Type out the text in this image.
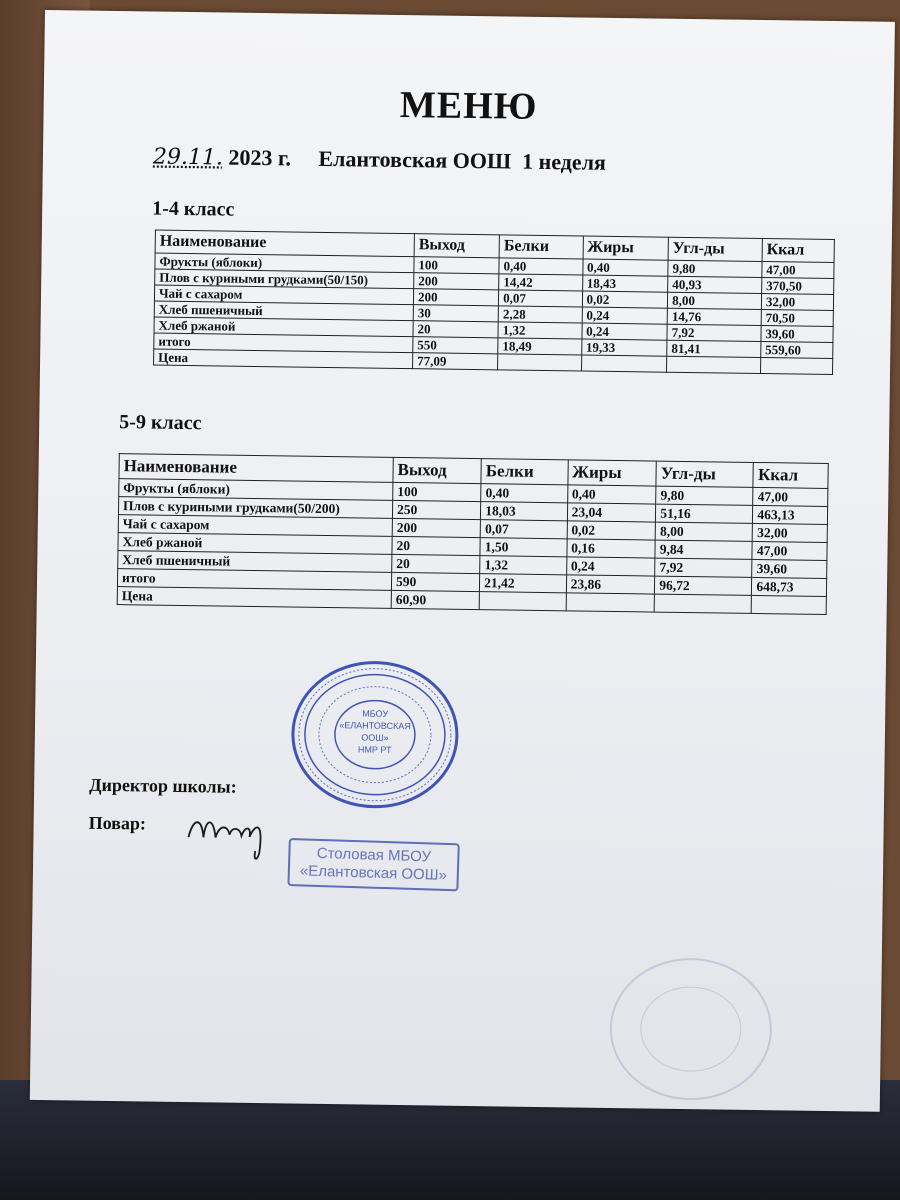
МЕНЮ
29.11. 2023 г.     Елантовская ООШ  1 неделя
1-4 класс
Наименование	Выход	Белки	Жиры	Угл-ды	Ккал
Фрукты (яблоки)	100	0,40	0,40	9,80	47,00
Плов с куриными грудками(50/150)	200	14,42	18,43	40,93	370,50
Чай с сахаром	200	0,07	0,02	8,00	32,00
Хлеб пшеничный	30	2,28	0,24	14,76	70,50
Хлеб ржаной	20	1,32	0,24	7,92	39,60
итого	550	18,49	19,33	81,41	559,60
Цена	77,09				
5-9 класс
Наименование	Выход	Белки	Жиры	Угл-ды	Ккал
Фрукты (яблоки)	100	0,40	0,40	9,80	47,00
Плов с куриными грудками(50/200)	250	18,03	23,04	51,16	463,13
Чай с сахаром	200	0,07	0,02	8,00	32,00
Хлеб ржаной	20	1,50	0,16	9,84	47,00
Хлеб пшеничный	20	1,32	0,24	7,92	39,60
итого	590	21,42	23,86	96,72	648,73
Цена	60,90				
МБОУ
«ЕЛАНТОВСКАЯ
ООШ»
НМР РТ
Директор школы:
Повар:
Столовая МБОУ
«Елантовская ООШ»
